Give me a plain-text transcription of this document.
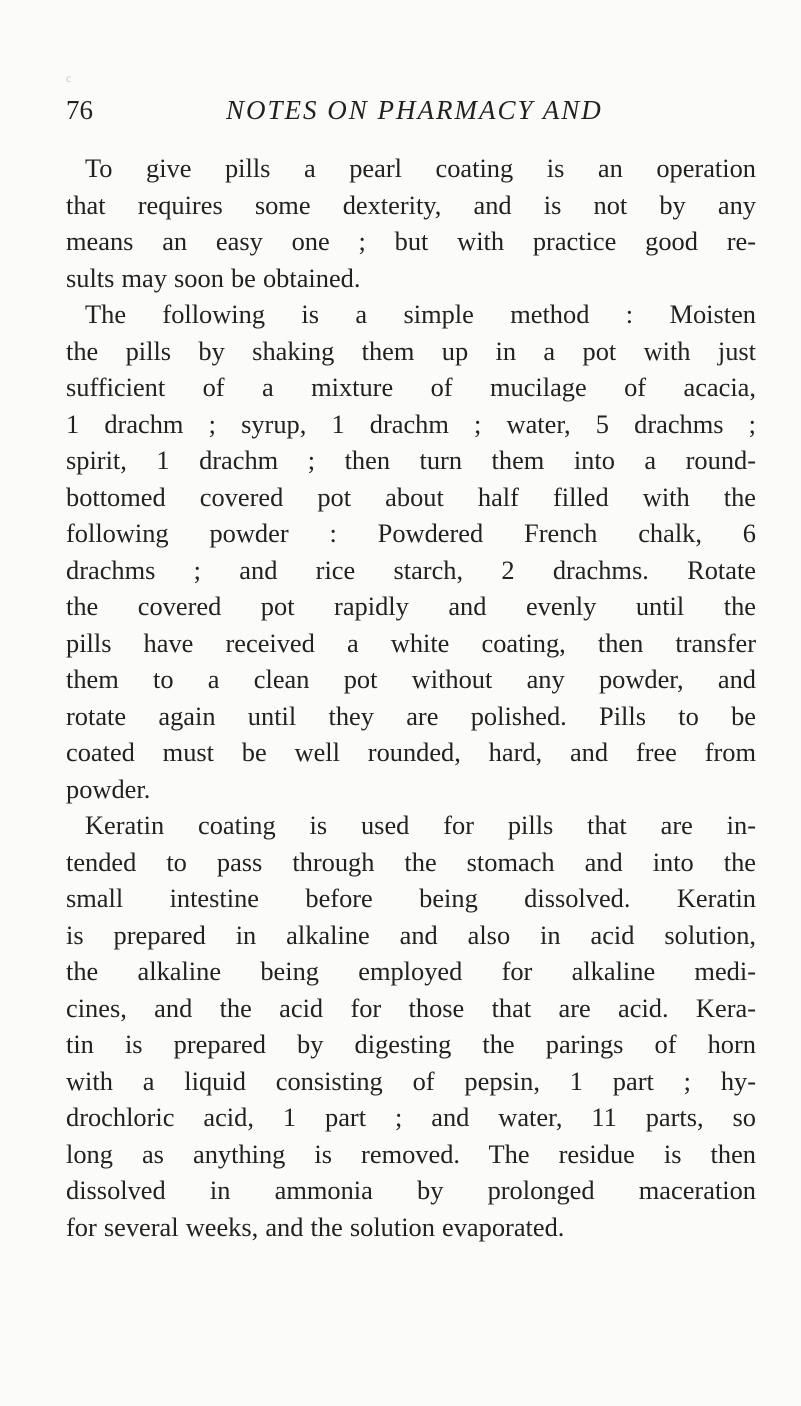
c
76	NOTES ON PHARMACY AND
To give pills a pearl coating is an operation
that requires some dexterity, and is not by any
means an easy one ; but with practice good re-
sults may soon be obtained.
The following is a simple method : Moisten
the pills by shaking them up in a pot with just
sufficient of a mixture of mucilage of acacia,
1 drachm ; syrup, 1 drachm ; water, 5 drachms ;
spirit, 1 drachm ; then turn them into a round-
bottomed covered pot about half filled with the
following powder : Powdered French chalk, 6
drachms ; and rice starch, 2 drachms. Rotate
the covered pot rapidly and evenly until the
pills have received a white coating, then transfer
them to a clean pot without any powder, and
rotate again until they are polished. Pills to be
coated must be well rounded, hard, and free from
powder.
Keratin coating is used for pills that are in-
tended to pass through the stomach and into the
small intestine before being dissolved. Keratin
is prepared in alkaline and also in acid solution,
the alkaline being employed for alkaline medi-
cines, and the acid for those that are acid. Kera-
tin is prepared by digesting the parings of horn
with a liquid consisting of pepsin, 1 part ; hy-
drochloric acid, 1 part ; and water, 11 parts, so
long as anything is removed. The residue is then
dissolved in ammonia by prolonged maceration
for several weeks, and the solution evaporated.
